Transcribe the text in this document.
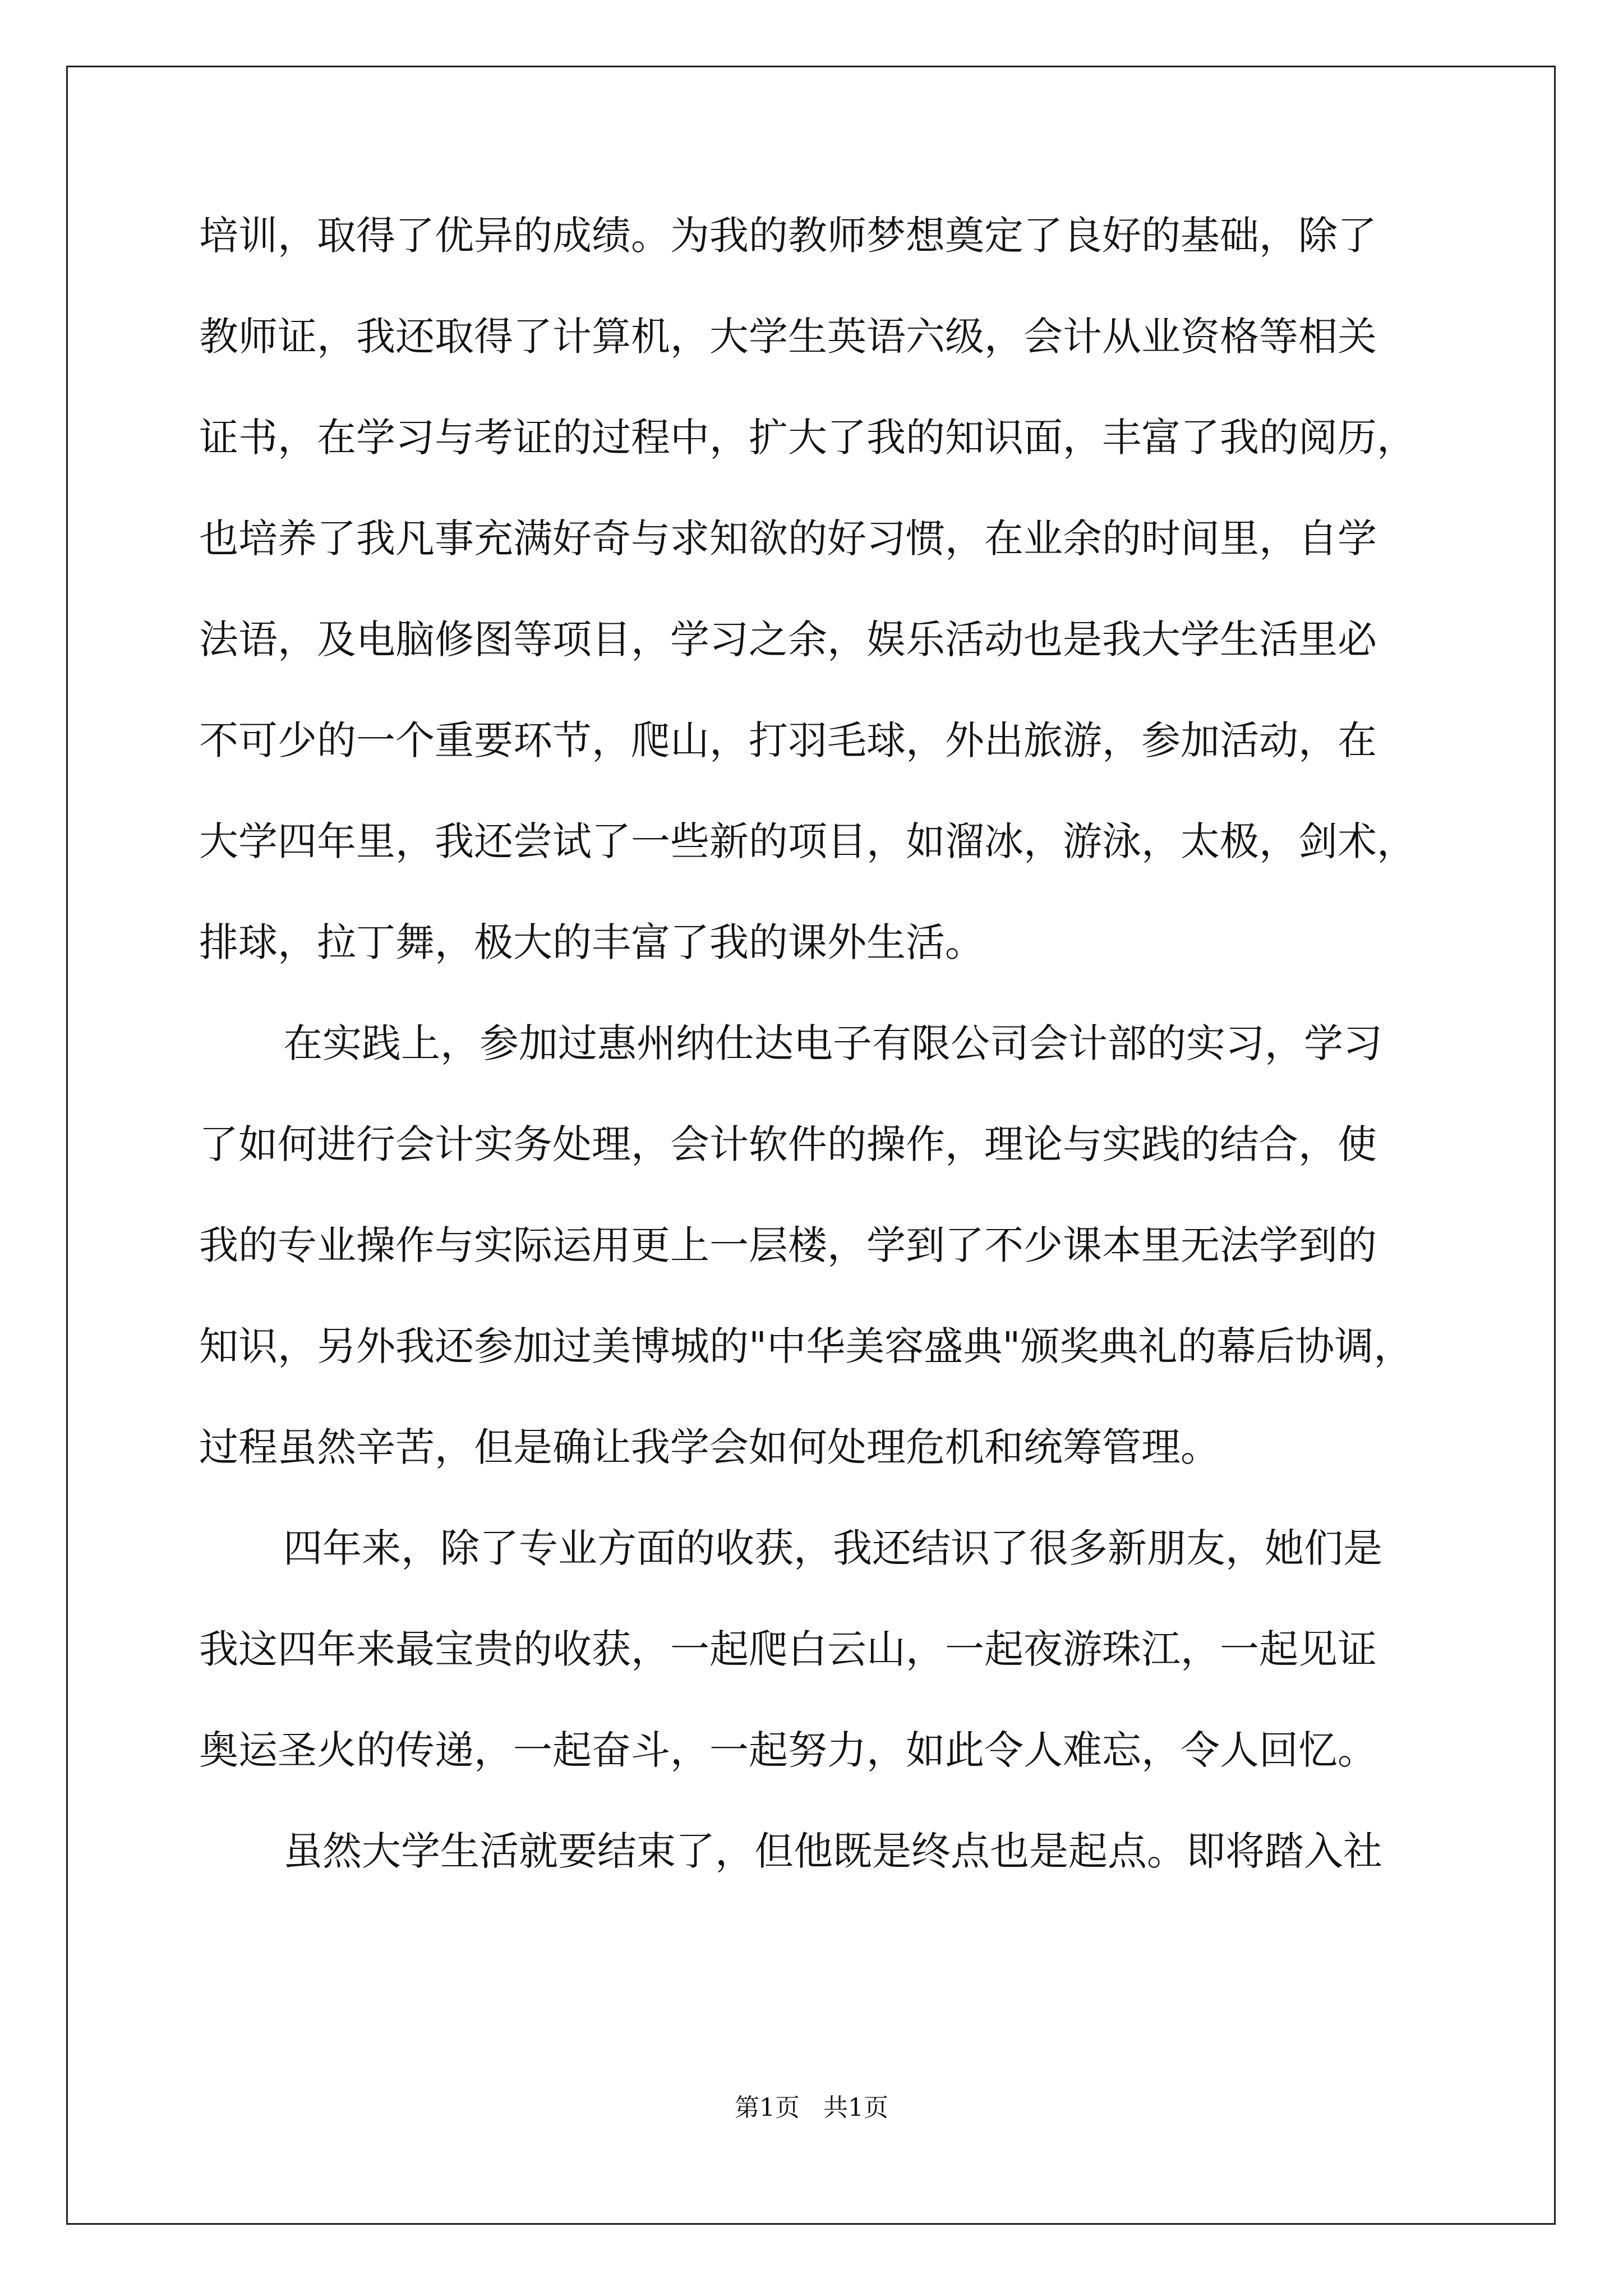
培训，取得了优异的成绩。为我的教师梦想奠定了良好的基础，除了
教师证，我还取得了计算机，大学生英语六级，会计从业资格等相关
证书，在学习与考证的过程中，扩大了我的知识面，丰富了我的阅历，
也培养了我凡事充满好奇与求知欲的好习惯，在业余的时间里，自学
法语，及电脑修图等项目，学习之余，娱乐活动也是我大学生活里必
不可少的一个重要环节，爬山，打羽毛球，外出旅游，参加活动，在
大学四年里，我还尝试了一些新的项目，如溜冰，游泳，太极，剑术，
排球，拉丁舞，极大的丰富了我的课外生活。
在实践上，参加过惠州纳仕达电子有限公司会计部的实习，学习
了如何进行会计实务处理，会计软件的操作，理论与实践的结合，使
我的专业操作与实际运用更上一层楼，学到了不少课本里无法学到的
知识，另外我还参加过美博城的"中华美容盛典"颁奖典礼的幕后协调，
过程虽然辛苦，但是确让我学会如何处理危机和统筹管理。
四年来，除了专业方面的收获，我还结识了很多新朋友，她们是
我这四年来最宝贵的收获，一起爬白云山，一起夜游珠江，一起见证
奥运圣火的传递，一起奋斗，一起努力，如此令人难忘，令人回忆。
虽然大学生活就要结束了，但他既是终点也是起点。即将踏入社
第1页   共1页
